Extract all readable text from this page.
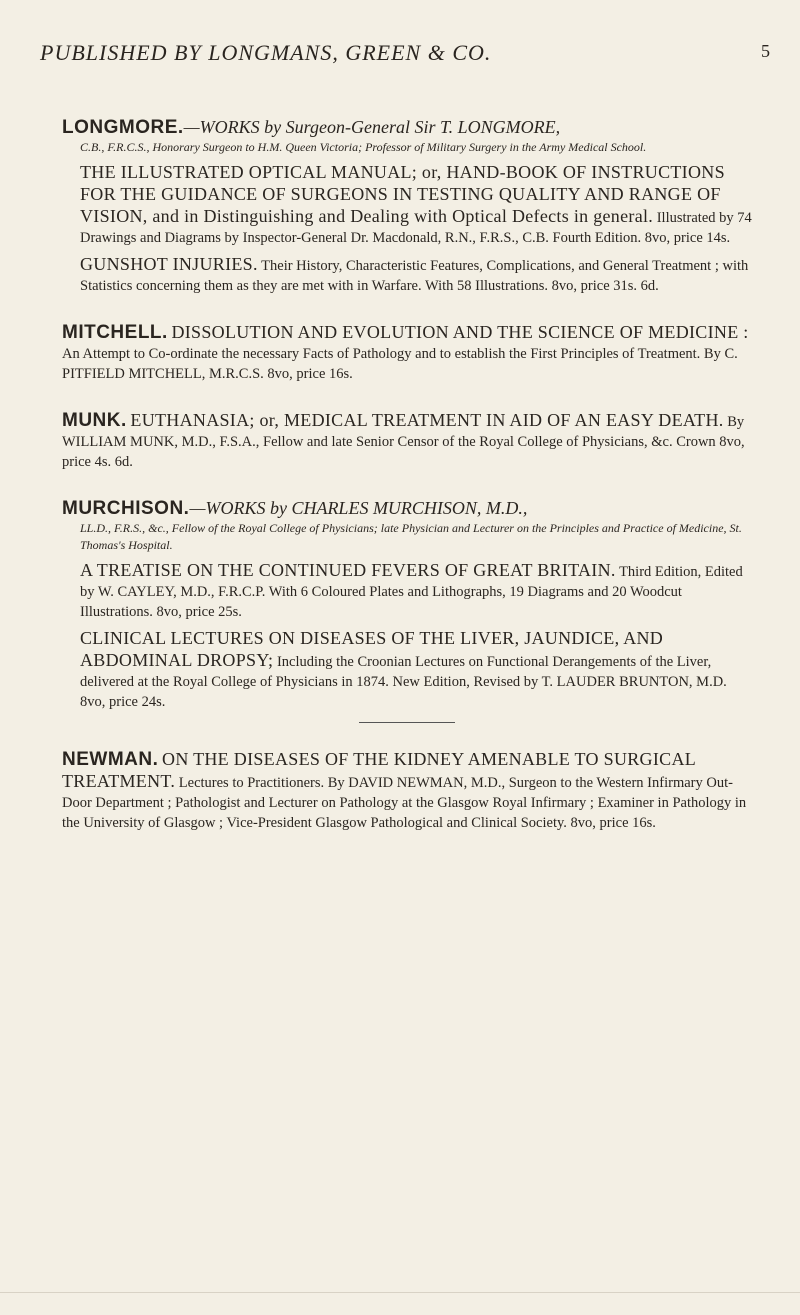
PUBLISHED BY LONGMANS, GREEN & CO.	5
LONGMORE.—WORKS by Surgeon-General Sir T. LONGMORE,
C.B., F.R.C.S., Honorary Surgeon to H.M. Queen Victoria; Professor of Military Surgery in the Army Medical School.
THE ILLUSTRATED OPTICAL MANUAL; or, HAND-BOOK OF INSTRUCTIONS FOR THE GUIDANCE OF SURGEONS IN TESTING QUALITY AND RANGE OF VISION, and in Distinguishing and Dealing with Optical Defects in general. Illustrated by 74 Drawings and Diagrams by Inspector-General Dr. Macdonald, R.N., F.R.S., C.B. Fourth Edition. 8vo, price 14s.
GUNSHOT INJURIES. Their History, Characteristic Features, Complications, and General Treatment ; with Statistics concerning them as they are met with in Warfare. With 58 Illustrations. 8vo, price 31s. 6d.
MITCHELL. DISSOLUTION AND EVOLUTION AND THE SCIENCE OF MEDICINE : An Attempt to Co-ordinate the necessary Facts of Pathology and to establish the First Principles of Treatment. By C. PITFIELD MITCHELL, M.R.C.S. 8vo, price 16s.
MUNK. EUTHANASIA; or, MEDICAL TREATMENT IN AID OF AN EASY DEATH. By WILLIAM MUNK, M.D., F.S.A., Fellow and late Senior Censor of the Royal College of Physicians, &c. Crown 8vo, price 4s. 6d.
MURCHISON.—WORKS by CHARLES MURCHISON, M.D.,
LL.D., F.R.S., &c., Fellow of the Royal College of Physicians; late Physician and Lecturer on the Principles and Practice of Medicine, St. Thomas's Hospital.
A TREATISE ON THE CONTINUED FEVERS OF GREAT BRITAIN. Third Edition, Edited by W. CAYLEY, M.D., F.R.C.P. With 6 Coloured Plates and Lithographs, 19 Diagrams and 20 Woodcut Illustrations. 8vo, price 25s.
CLINICAL LECTURES ON DISEASES OF THE LIVER, JAUNDICE, AND ABDOMINAL DROPSY; Including the Croonian Lectures on Functional Derangements of the Liver, delivered at the Royal College of Physicians in 1874. New Edition, Revised by T. LAUDER BRUNTON, M.D. 8vo, price 24s.
NEWMAN. ON THE DISEASES OF THE KIDNEY AMENABLE TO SURGICAL TREATMENT. Lectures to Practitioners. By DAVID NEWMAN, M.D., Surgeon to the Western Infirmary Out-Door Department ; Pathologist and Lecturer on Pathology at the Glasgow Royal Infirmary ; Examiner in Pathology in the University of Glasgow ; Vice-President Glasgow Pathological and Clinical Society. 8vo, price 16s.
